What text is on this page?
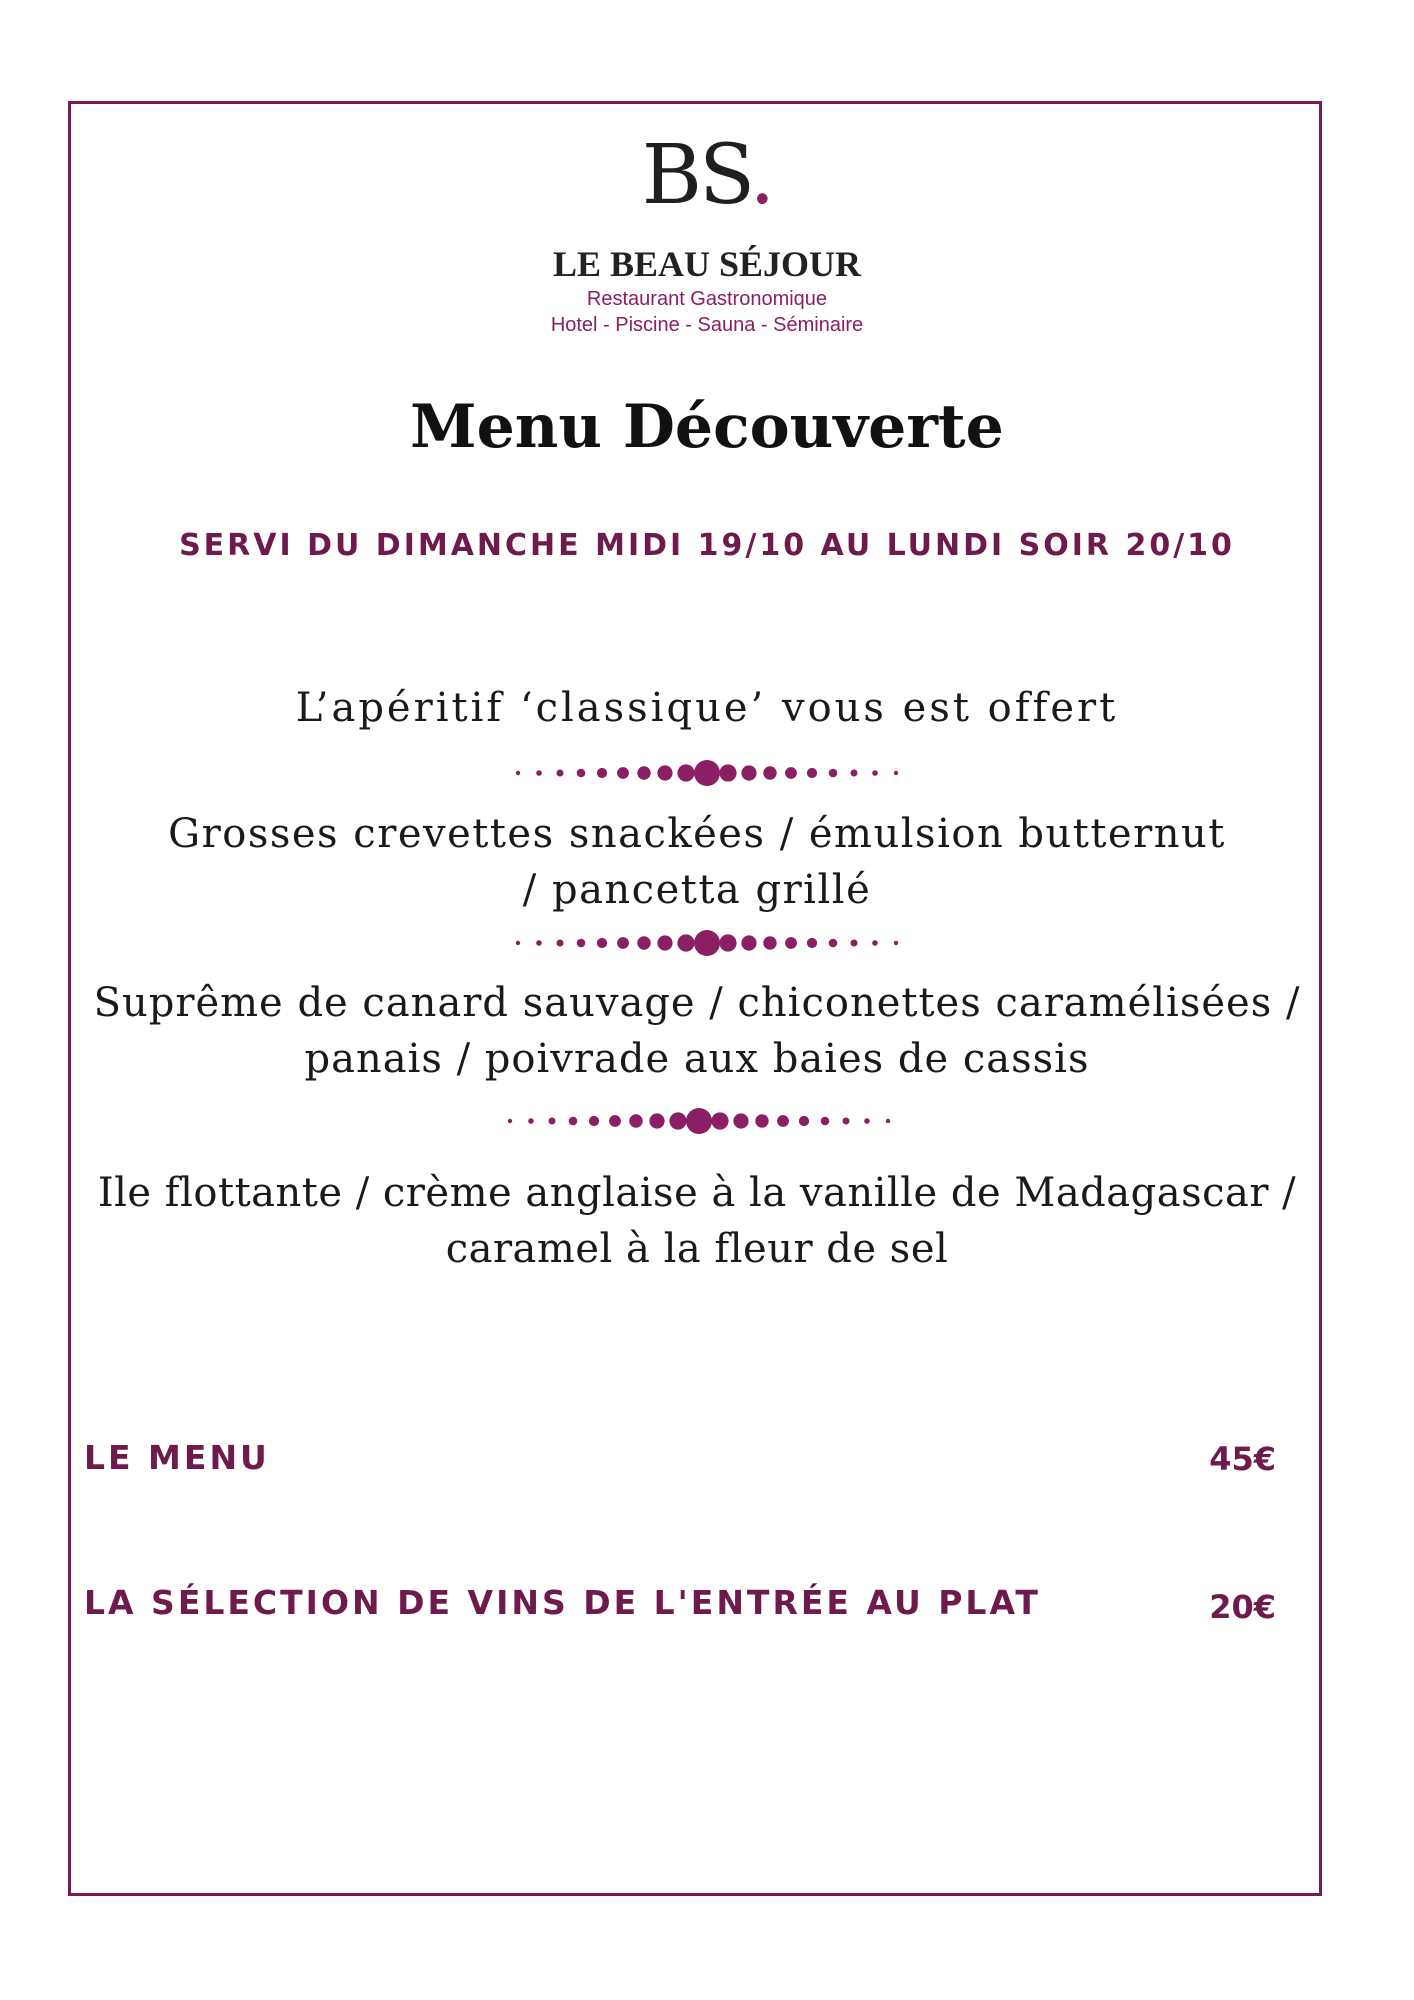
BS.
LE BEAU SÉJOUR
Restaurant Gastronomique
Hotel - Piscine - Sauna - Séminaire
Menu Découverte
SERVI DU DIMANCHE MIDI 19/10 AU LUNDI SOIR 20/10
L’apéritif ‘classique’ vous est offert
Grosses crevettes snackées / émulsion butternut
/ pancetta grillé
Suprême de canard sauvage / chiconettes caramélisées /
panais / poivrade aux baies de cassis
Ile flottante / crème anglaise à la vanille de Madagascar /
caramel à la fleur de sel
LE MENU	45€
LA SÉLECTION DE VINS DE L'ENTRÉE AU PLAT	20€
